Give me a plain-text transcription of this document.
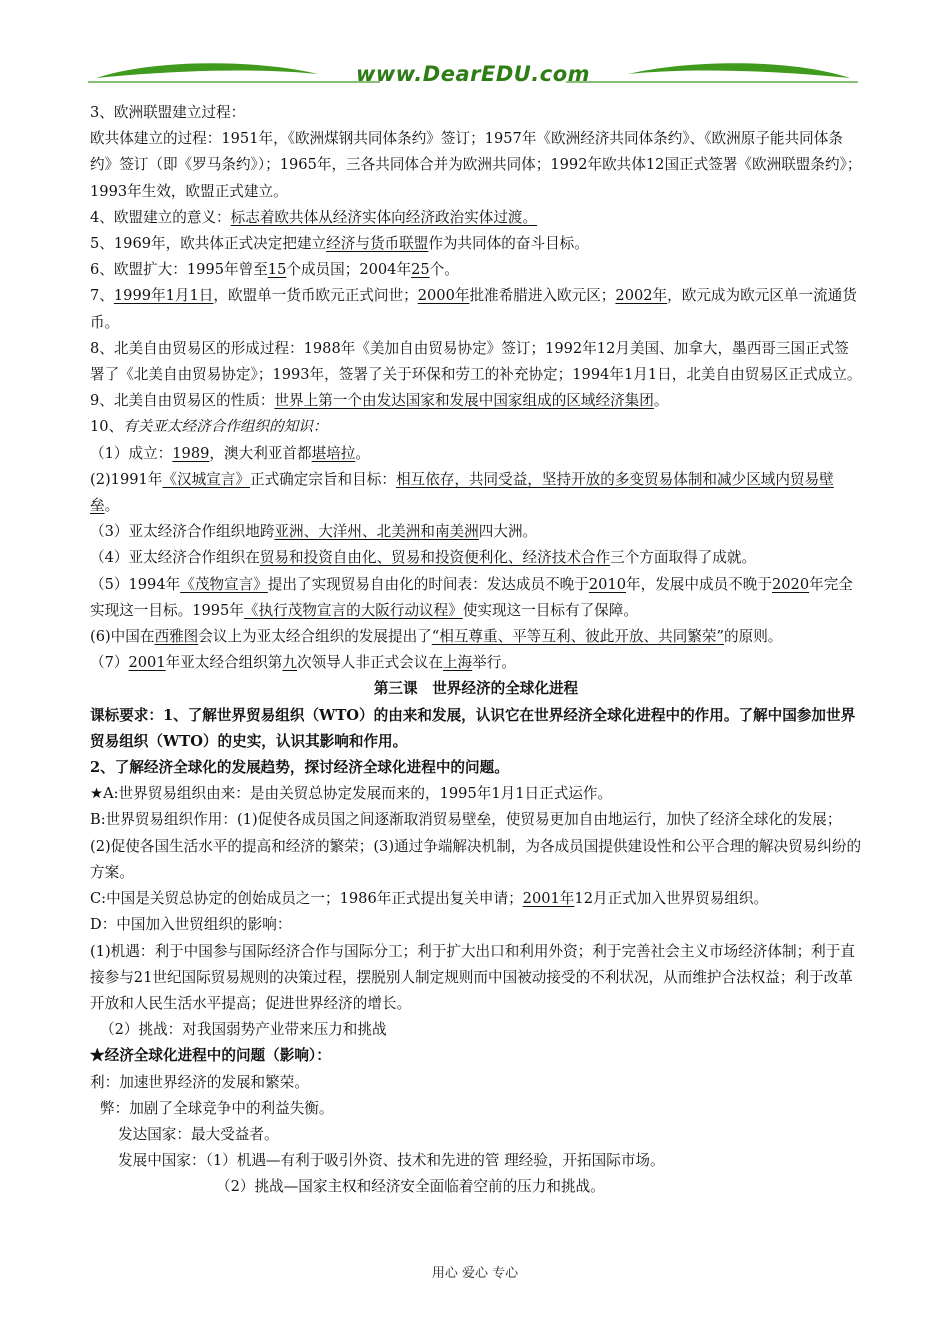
www.DearEDU.com

3、欧洲联盟建立过程：

欧共体建立的过程：1951年，《欧洲煤钢共同体条约》签订；1957年《欧洲经济共同体条约》、《欧洲原子能共同体条约》签订（即《罗马条约》）；1965年，三各共同体合并为欧洲共同体；1992年欧共体12国正式签署《欧洲联盟条约》；1993年生效，欧盟正式建立。

4、欧盟建立的意义：标志着欧共体从经济实体向经济政治实体过渡。

5、1969年，欧共体正式决定把建立经济与货币联盟作为共同体的奋斗目标。

6、欧盟扩大：1995年曾至15个成员国；2004年25个。

7、1999年1月1日，欧盟单一货币欧元正式问世；2000年批准希腊进入欧元区；2002年，欧元成为欧元区单一流通货币。

8、北美自由贸易区的形成过程：1988年《美加自由贸易协定》签订；1992年12月美国、加拿大，墨西哥三国正式签署了《北美自由贸易协定》；1993年，签署了关于环保和劳工的补充协定；1994年1月1日，北美自由贸易区正式成立。

9、北美自由贸易区的性质：世界上第一个由发达国家和发展中国家组成的区域经济集团。

10、有关亚太经济合作组织的知识：

（1）成立：1989，澳大利亚首都堪培拉。

(2)1991年《汉城宣言》正式确定宗旨和目标：相互依存，共同受益，坚持开放的多变贸易体制和减少区域内贸易壁垒。

（3）亚太经济合作组织地跨亚洲、大洋州、北美洲和南美洲四大洲。

（4）亚太经济合作组织在贸易和投资自由化、贸易和投资便利化、经济技术合作三个方面取得了成就。

（5）1994年《茂物宣言》提出了实现贸易自由化的时间表：发达成员不晚于2010年，发展中成员不晚于2020年完全实现这一目标。1995年《执行茂物宣言的大阪行动议程》使实现这一目标有了保障。

(6)中国在西雅图会议上为亚太经合组织的发展提出了“相互尊重、平等互利、彼此开放、共同繁荣”的原则。

（7）2001年亚太经合组织第九次领导人非正式会议在上海举行。

第三课　世界经济的全球化进程

课标要求：1、了解世界贸易组织（WTO）的由来和发展，认识它在世界经济全球化进程中的作用。了解中国参加世界贸易组织（WTO）的史实，认识其影响和作用。

2、了解经济全球化的发展趋势，探讨经济全球化进程中的问题。

★A:世界贸易组织由来：是由关贸总协定发展而来的，1995年1月1日正式运作。

B:世界贸易组织作用：(1)促使各成员国之间逐渐取消贸易壁垒，使贸易更加自由地运行，加快了经济全球化的发展；(2)促使各国生活水平的提高和经济的繁荣；(3)通过争端解决机制，为各成员国提供建设性和公平合理的解决贸易纠纷的方案。

C:中国是关贸总协定的创始成员之一；1986年正式提出复关申请；2001年12月正式加入世界贸易组织。

D：中国加入世贸组织的影响：

(1)机遇：利于中国参与国际经济合作与国际分工；利于扩大出口和利用外资；利于完善社会主义市场经济体制；利于直接参与21世纪国际贸易规则的决策过程，摆脱别人制定规则而中国被动接受的不利状况，从而维护合法权益；利于改革开放和人民生活水平提高；促进世界经济的增长。

（2）挑战：对我国弱势产业带来压力和挑战

★经济全球化进程中的问题（影响）：

利：加速世界经济的发展和繁荣。

弊：加剧了全球竞争中的利益失衡。

发达国家：最大受益者。

发展中国家：（1）机遇—有利于吸引外资、技术和先进的管 理经验，开拓国际市场。

（2）挑战—国家主权和经济安全面临着空前的压力和挑战。

用心 爱心 专心
